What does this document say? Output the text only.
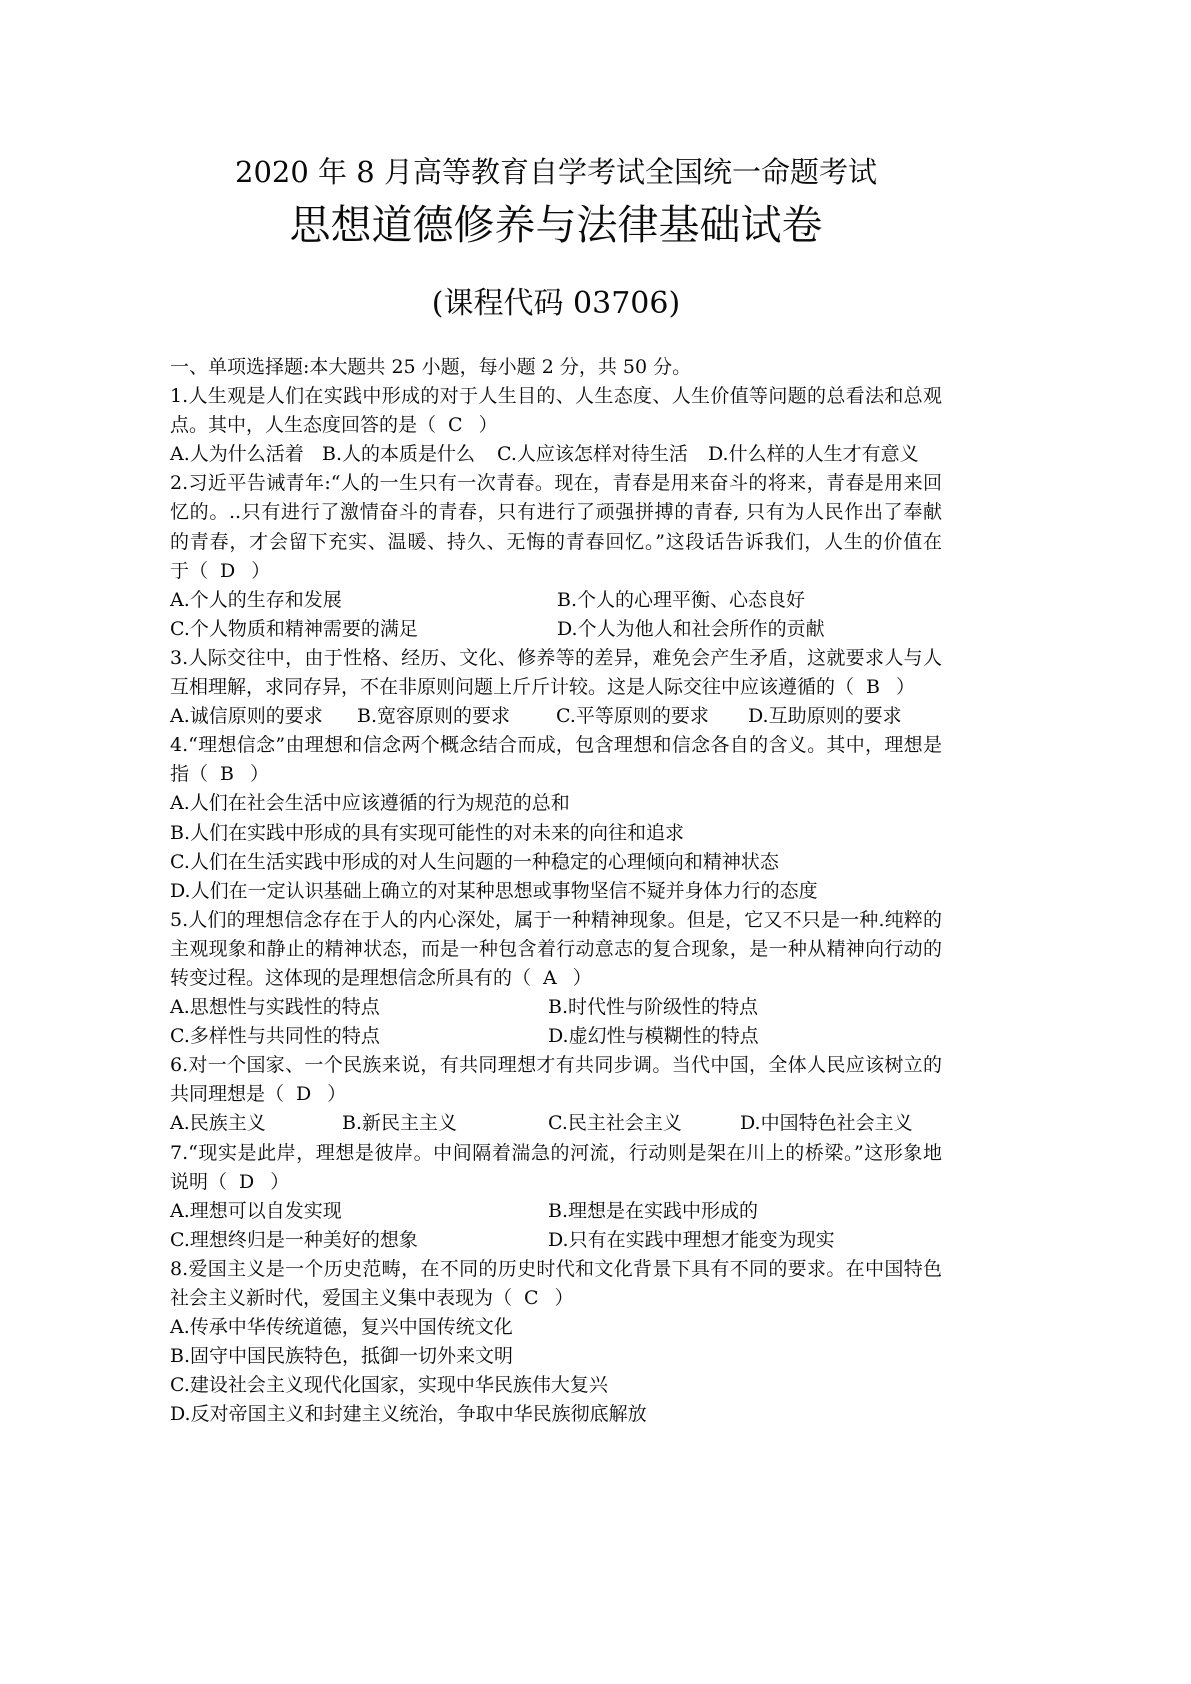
2020 年 8 月高等教育自学考试全国统一命题考试
思想道德修养与法律基础试卷
(课程代码 03706)
一、单项选择题:本大题共 25 小题，每小题 2 分，共 50 分。
1.人生观是人们在实践中形成的对于人生目的、人生态度、人生价值等问题的总看法和总观
点。其中，人生态度回答的是（ C ）
A.人为什么活着 B.人的本质是什么 C.人应该怎样对待生活 D.什么样的人生才有意义
2.习近平告诫青年:“人的一生只有一次青春。现在，青春是用来奋斗的将来，青春是用来回
忆的。..只有进行了激情奋斗的青春，只有进行了顽强拼搏的青春, 只有为人民作出了奉献
的青春，才会留下充实、温暖、持久、无悔的青春回忆。”这段话告诉我们，人生的价值在
于（ D ）
A.个人的生存和发展	B.个人的心理平衡、心态良好
C.个人物质和精神需要的满足	D.个人为他人和社会所作的贡献
3.人际交往中，由于性格、经历、文化、修养等的差异，难免会产生矛盾，这就要求人与人
互相理解，求同存异，不在非原则问题上斤斤计较。这是人际交往中应该遵循的（ B ）
A.诚信原则的要求 B.宽容原则的要求 C.平等原则的要求 D.互助原则的要求
4.“理想信念”由理想和信念两个概念结合而成，包含理想和信念各自的含义。其中，理想是
指（ B ）
A.人们在社会生活中应该遵循的行为规范的总和
B.人们在实践中形成的具有实现可能性的对未来的向往和追求
C.人们在生活实践中形成的对人生问题的一种稳定的心理倾向和精神状态
D.人们在一定认识基础上确立的对某种思想或事物坚信不疑并身体力行的态度
5.人们的理想信念存在于人的内心深处，属于一种精神现象。但是，它又不只是一种.纯粹的
主观现象和静止的精神状态，而是一种包含着行动意志的复合现象，是一种从精神向行动的
转变过程。这体现的是理想信念所具有的（ A ）
A.思想性与实践性的特点	B.时代性与阶级性的特点
C.多样性与共同性的特点	D.虚幻性与模糊性的特点
6.对一个国家、一个民族来说，有共同理想才有共同步调。当代中国，全体人民应该树立的
共同理想是（ D ）
A.民族主义	B.新民主主义	C.民主社会主义	D.中国特色社会主义
7.“现实是此岸，理想是彼岸。中间隔着湍急的河流，行动则是架在川上的桥梁。”这形象地
说明（ D ）
A.理想可以自发实现	B.理想是在实践中形成的
C.理想终归是一种美好的想象	D.只有在实践中理想才能变为现实
8.爱国主义是一个历史范畴，在不同的历史时代和文化背景下具有不同的要求。在中国特色
社会主义新时代，爱国主义集中表现为（ C ）
A.传承中华传统道德，复兴中国传统文化
B.固守中国民族特色，抵御一切外来文明
C.建设社会主义现代化国家，实现中华民族伟大复兴
D.反对帝国主义和封建主义统治，争取中华民族彻底解放
